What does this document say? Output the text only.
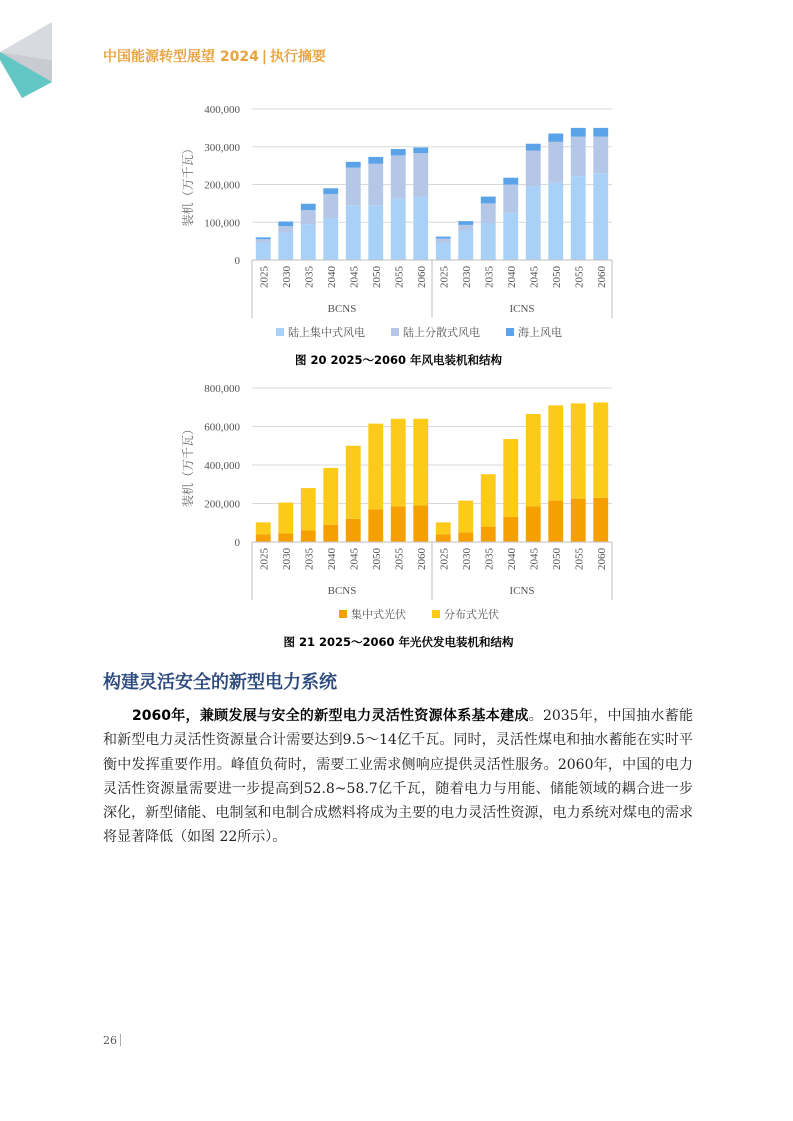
中国能源转型展望 2024 | 执行摘要
0
100,000
200,000
300,000
400,000
装机（万千瓦）
2025 2030 2035 2040 2045 2050 2055 2060 2025 2030 2035 2040 2045 2050 2055 2060
BCNS	ICNS
陆上集中式风电	陆上分散式风电	海上风电
图 20 2025～2060 年风电装机和结构
0
200,000
400,000
600,000
800,000
装机（万千瓦）
2025 2030 2035 2040 2045 2050 2055 2060 2025 2030 2035 2040 2045 2050 2055 2060
BCNS	ICNS
集中式光伏	分布式光伏
图 21 2025～2060 年光伏发电装机和结构
构建灵活安全的新型电力系统
2060年，兼顾发展与安全的新型电力灵活性资源体系基本建成。2035年，中国抽水蓄能和新型电力灵活性资源量合计需要达到9.5～14亿千瓦。同时，灵活性煤电和抽水蓄能在实时平衡中发挥重要作用。峰值负荷时，需要工业需求侧响应提供灵活性服务。2060年，中国的电力灵活性资源量需要进一步提高到52.8~58.7亿千瓦，随着电力与用能、储能领域的耦合进一步深化，新型储能、电制氢和电制合成燃料将成为主要的电力灵活性资源，电力系统对煤电的需求将显著降低（如图 22所示）。
26
